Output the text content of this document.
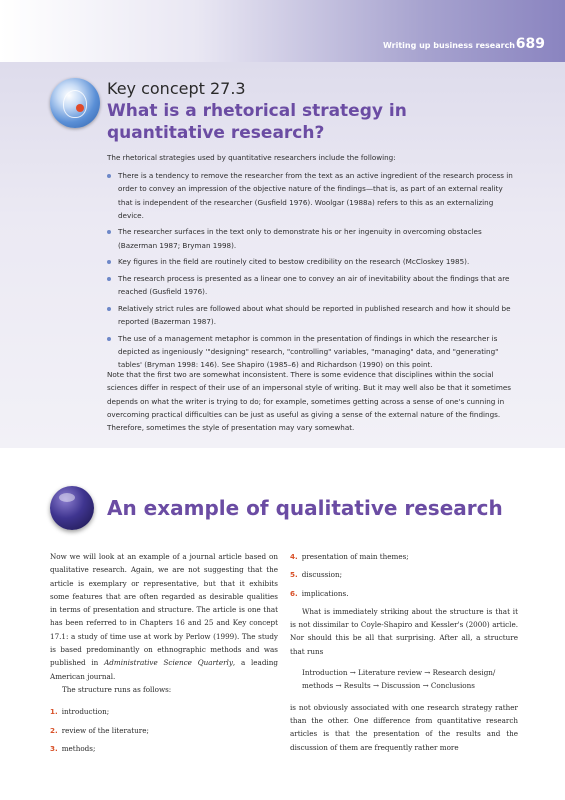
Writing up business research 689
Key concept 27.3
What is a rhetorical strategy in quantitative research?
The rhetorical strategies used by quantitative researchers include the following:
There is a tendency to remove the researcher from the text as an active ingredient of the research process in order to convey an impression of the objective nature of the findings—that is, as part of an external reality that is independent of the researcher (Gusfield 1976). Woolgar (1988a) refers to this as an externalizing device.
The researcher surfaces in the text only to demonstrate his or her ingenuity in overcoming obstacles (Bazerman 1987; Bryman 1998).
Key figures in the field are routinely cited to bestow credibility on the research (McCloskey 1985).
The research process is presented as a linear one to convey an air of inevitability about the findings that are reached (Gusfield 1976).
Relatively strict rules are followed about what should be reported in published research and how it should be reported (Bazerman 1987).
The use of a management metaphor is common in the presentation of findings in which the researcher is depicted as ingeniously '"designing" research, "controlling" variables, "managing" data, and "generating" tables' (Bryman 1998: 146). See Shapiro (1985–6) and Richardson (1990) on this point.
Note that the first two are somewhat inconsistent. There is some evidence that disciplines within the social sciences differ in respect of their use of an impersonal style of writing. But it may well also be that it sometimes depends on what the writer is trying to do; for example, sometimes getting across a sense of one's cunning in overcoming practical difficulties can be just as useful as giving a sense of the external nature of the findings. Therefore, sometimes the style of presentation may vary somewhat.
An example of qualitative research

Now we will look at an example of a journal article based on qualitative research. Again, we are not suggesting that the article is exemplary or representative, but that it exhibits some features that are often regarded as desirable qualities in terms of presentation and structure. The article is one that has been referred to in Chapters 16 and 25 and Key concept 17.1: a study of time use at work by Perlow (1999). The study is based predominantly on ethnographic methods and was published in Administrative Science Quarterly, a leading American journal.

The structure runs as follows:

1. introduction;
2. review of the literature;
3. methods;
4. presentation of main themes;
5. discussion;
6. implications.

What is immediately striking about the structure is that it is not dissimilar to Coyle-Shapiro and Kessler's (2000) article. Nor should this be all that surprising. After all, a structure that runs

Introduction → Literature review → Research design/ methods → Results → Discussion → Conclusions

is not obviously associated with one research strategy rather than the other. One difference from quantitative research articles is that the presentation of the results and the discussion of them are frequently rather more
